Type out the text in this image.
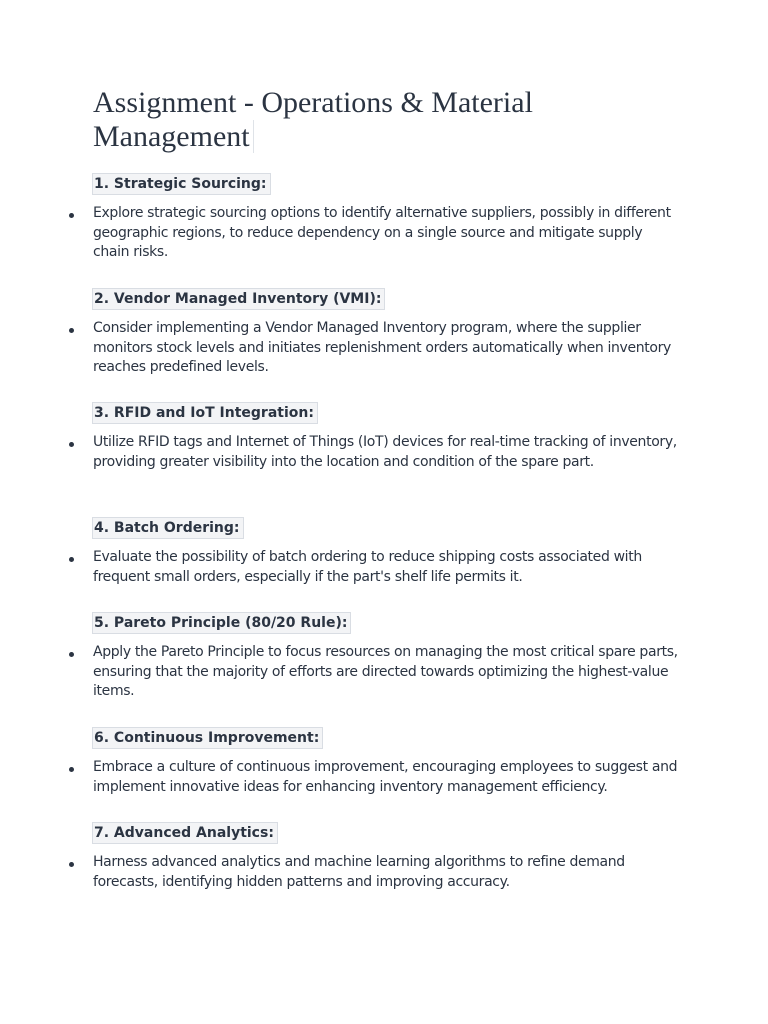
Assignment - Operations & Material Management
1. Strategic Sourcing:

Explore strategic sourcing options to identify alternative suppliers, possibly in different geographic regions, to reduce dependency on a single source and mitigate supply chain risks.

2. Vendor Managed Inventory (VMI):

Consider implementing a Vendor Managed Inventory program, where the supplier monitors stock levels and initiates replenishment orders automatically when inventory reaches predefined levels.

3. RFID and IoT Integration:

Utilize RFID tags and Internet of Things (IoT) devices for real-time tracking of inventory, providing greater visibility into the location and condition of the spare part.

4. Batch Ordering:

Evaluate the possibility of batch ordering to reduce shipping costs associated with frequent small orders, especially if the part's shelf life permits it.

5. Pareto Principle (80/20 Rule):

Apply the Pareto Principle to focus resources on managing the most critical spare parts, ensuring that the majority of efforts are directed towards optimizing the highest-value items.

6. Continuous Improvement:

Embrace a culture of continuous improvement, encouraging employees to suggest and implement innovative ideas for enhancing inventory management efficiency.

7. Advanced Analytics:

Harness advanced analytics and machine learning algorithms to refine demand forecasts, identifying hidden patterns and improving accuracy.
